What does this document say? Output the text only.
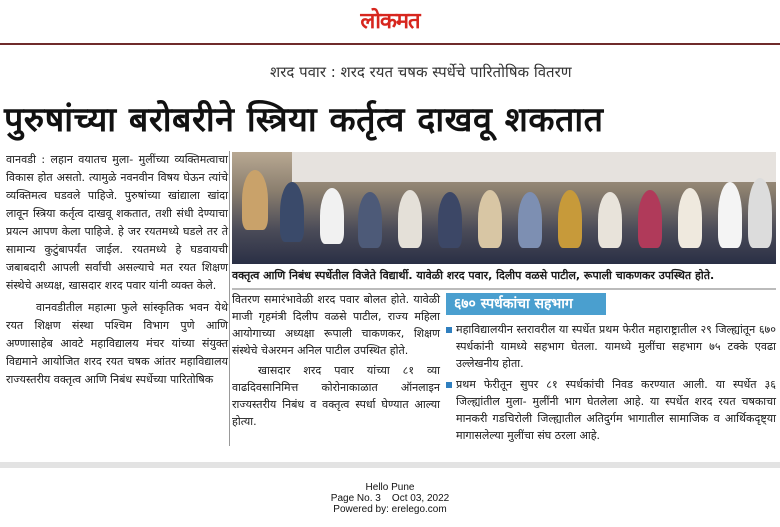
लोकमत
शरद पवार : शरद रयत चषक स्पर्धेचे पारितोषिक वितरण
पुरुषांच्या बरोबरीने स्त्रिया कर्तृत्व दाखवू शकतात

वानवडी : लहान वयातच मुला- मुलींच्या व्यक्तिमत्वाचा विकास होत असतो. त्यामुळे नवनवीन विषय घेऊन त्यांचे व्यक्तिमत्व घडवले पाहिजे. पुरुषांच्या खांद्याला खांदा लावून स्त्रिया कर्तृत्व दाखवू शकतात, तशी संधी देण्याचा प्रयत्न आपण केला पाहिजे. हे जर रयतमध्ये घडले तर ते सामान्य कुटुंबापर्यंत जाईल. रयतमध्ये हे घडवायची जबाबदारी आपली सर्वांची असल्याचे मत रयत शिक्षण संस्थेचे अध्यक्ष, खासदार शरद पवार यांनी व्यक्त केले.

वानवडीतील महात्मा फुले सांस्कृतिक भवन येथे रयत शिक्षण संस्था पश्चिम विभाग पुणे आणि अण्णासाहेब आवटे महाविद्यालय मंचर यांच्या संयुक्त विद्यमाने आयोजित शरद रयत चषक आंतर महाविद्यालय राज्यस्तरीय वक्तृत्व आणि निबंध स्पर्धेच्या पारितोषिक

वक्तृत्व आणि निबंध स्पर्धेतील विजेते विद्यार्थी. यावेळी शरद पवार, दिलीप वळसे पाटील, रूपाली चाकणकर उपस्थित होते.

वितरण समारंभावेळी शरद पवार बोलत होते. यावेळी माजी गृहमंत्री दिलीप वळसे पाटील, राज्य महिला आयोगाच्या अध्यक्षा रूपाली चाकणकर, शिक्षण संस्थेचे चेअरमन अनिल पाटील उपस्थित होते.

खासदार शरद पवार यांच्या ८१ व्या वाढदिवसानिमित्त कोरोनाकाळात ऑनलाइन राज्यस्तरीय निबंध व वक्तृत्व स्पर्धा घेण्यात आल्या होत्या.

६७० स्पर्धकांचा सहभाग
महाविद्यालयीन स्तरावरील या स्पर्धेत प्रथम फेरीत महाराष्ट्रातील २९ जिल्ह्यांतून ६७० स्पर्धकांनी यामध्ये सहभाग घेतला. यामध्ये मुलींचा सहभाग ७५ टक्के एवढा उल्लेखनीय होता.
प्रथम फेरीतून सुपर ८१ स्पर्धकांची निवड करण्यात आली. या स्पर्धेत ३६ जिल्ह्यांतील मुला- मुलींनी भाग घेतलेला आहे. या स्पर्धेत शरद रयत चषकाचा मानकरी गडचिरोली जिल्ह्यातील अतिदुर्गम भागातील सामाजिक व आर्थिकदृष्ट्या मागासलेल्या मुलींचा संघ ठरला आहे.
Hello Pune
Page No. 3    Oct 03, 2022
Powered by: erelego.com
